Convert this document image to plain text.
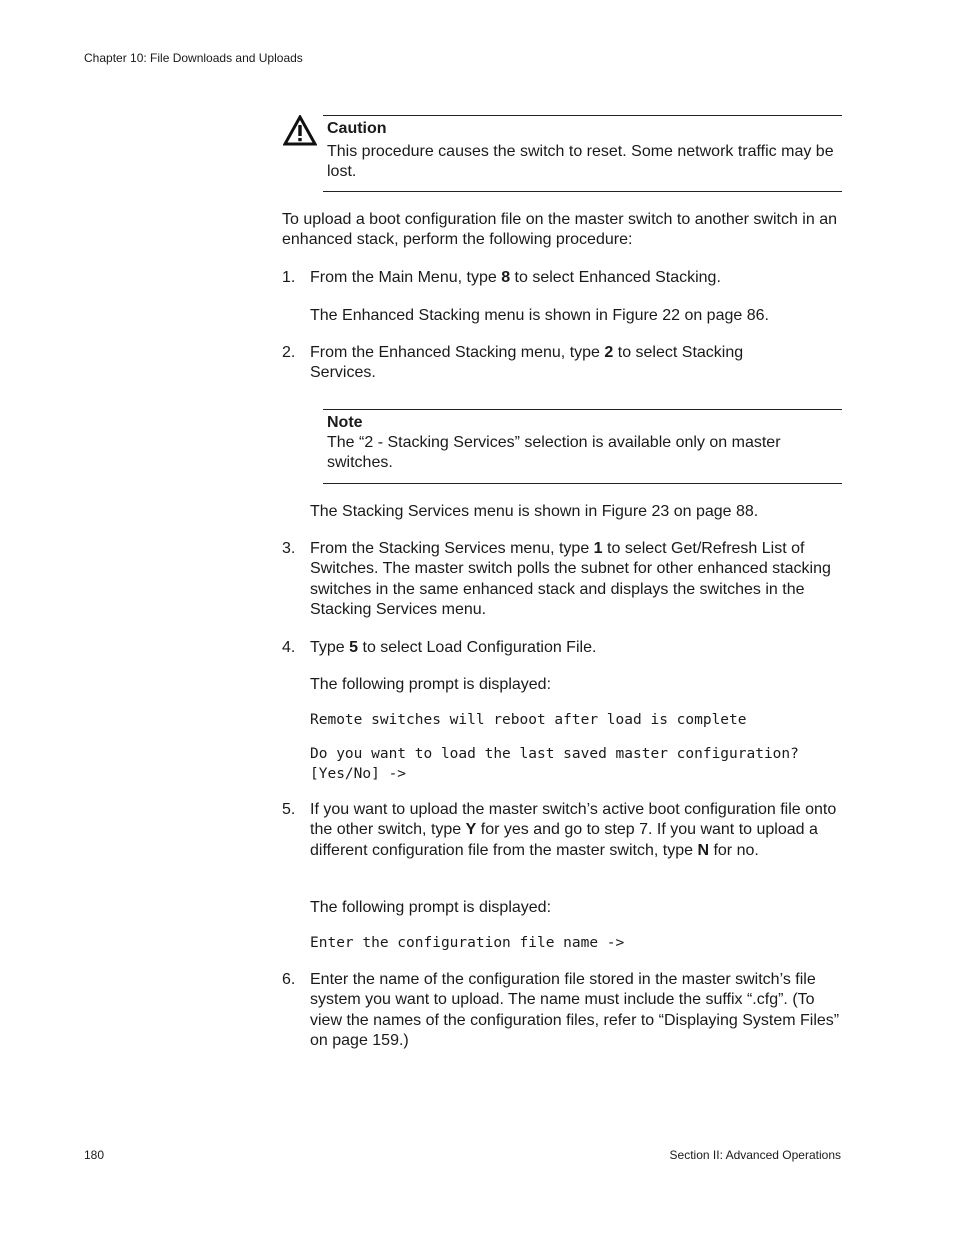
Chapter 10: File Downloads and Uploads
Caution
This procedure causes the switch to reset. Some network traffic may be lost.
To upload a boot configuration file on the master switch to another switch in an enhanced stack, perform the following procedure:
1. From the Main Menu, type 8 to select Enhanced Stacking.
The Enhanced Stacking menu is shown in Figure 22 on page 86.
2. From the Enhanced Stacking menu, type 2 to select Stacking Services.
Note
The “2 - Stacking Services” selection is available only on master switches.
The Stacking Services menu is shown in Figure 23 on page 88.
3. From the Stacking Services menu, type 1 to select Get/Refresh List of Switches. The master switch polls the subnet for other enhanced stacking switches in the same enhanced stack and displays the switches in the Stacking Services menu.
4. Type 5 to select Load Configuration File.
The following prompt is displayed:
Remote switches will reboot after load is complete
Do you want to load the last saved master configuration?
[Yes/No] ->
5. If you want to upload the master switch’s active boot configuration file onto the other switch, type Y for yes and go to step 7. If you want to upload a different configuration file from the master switch, type N for no.
The following prompt is displayed:
Enter the configuration file name ->
6. Enter the name of the configuration file stored in the master switch’s file system you want to upload. The name must include the suffix “.cfg”. (To view the names of the configuration files, refer to “Displaying System Files” on page 159.)
180	Section II: Advanced Operations
